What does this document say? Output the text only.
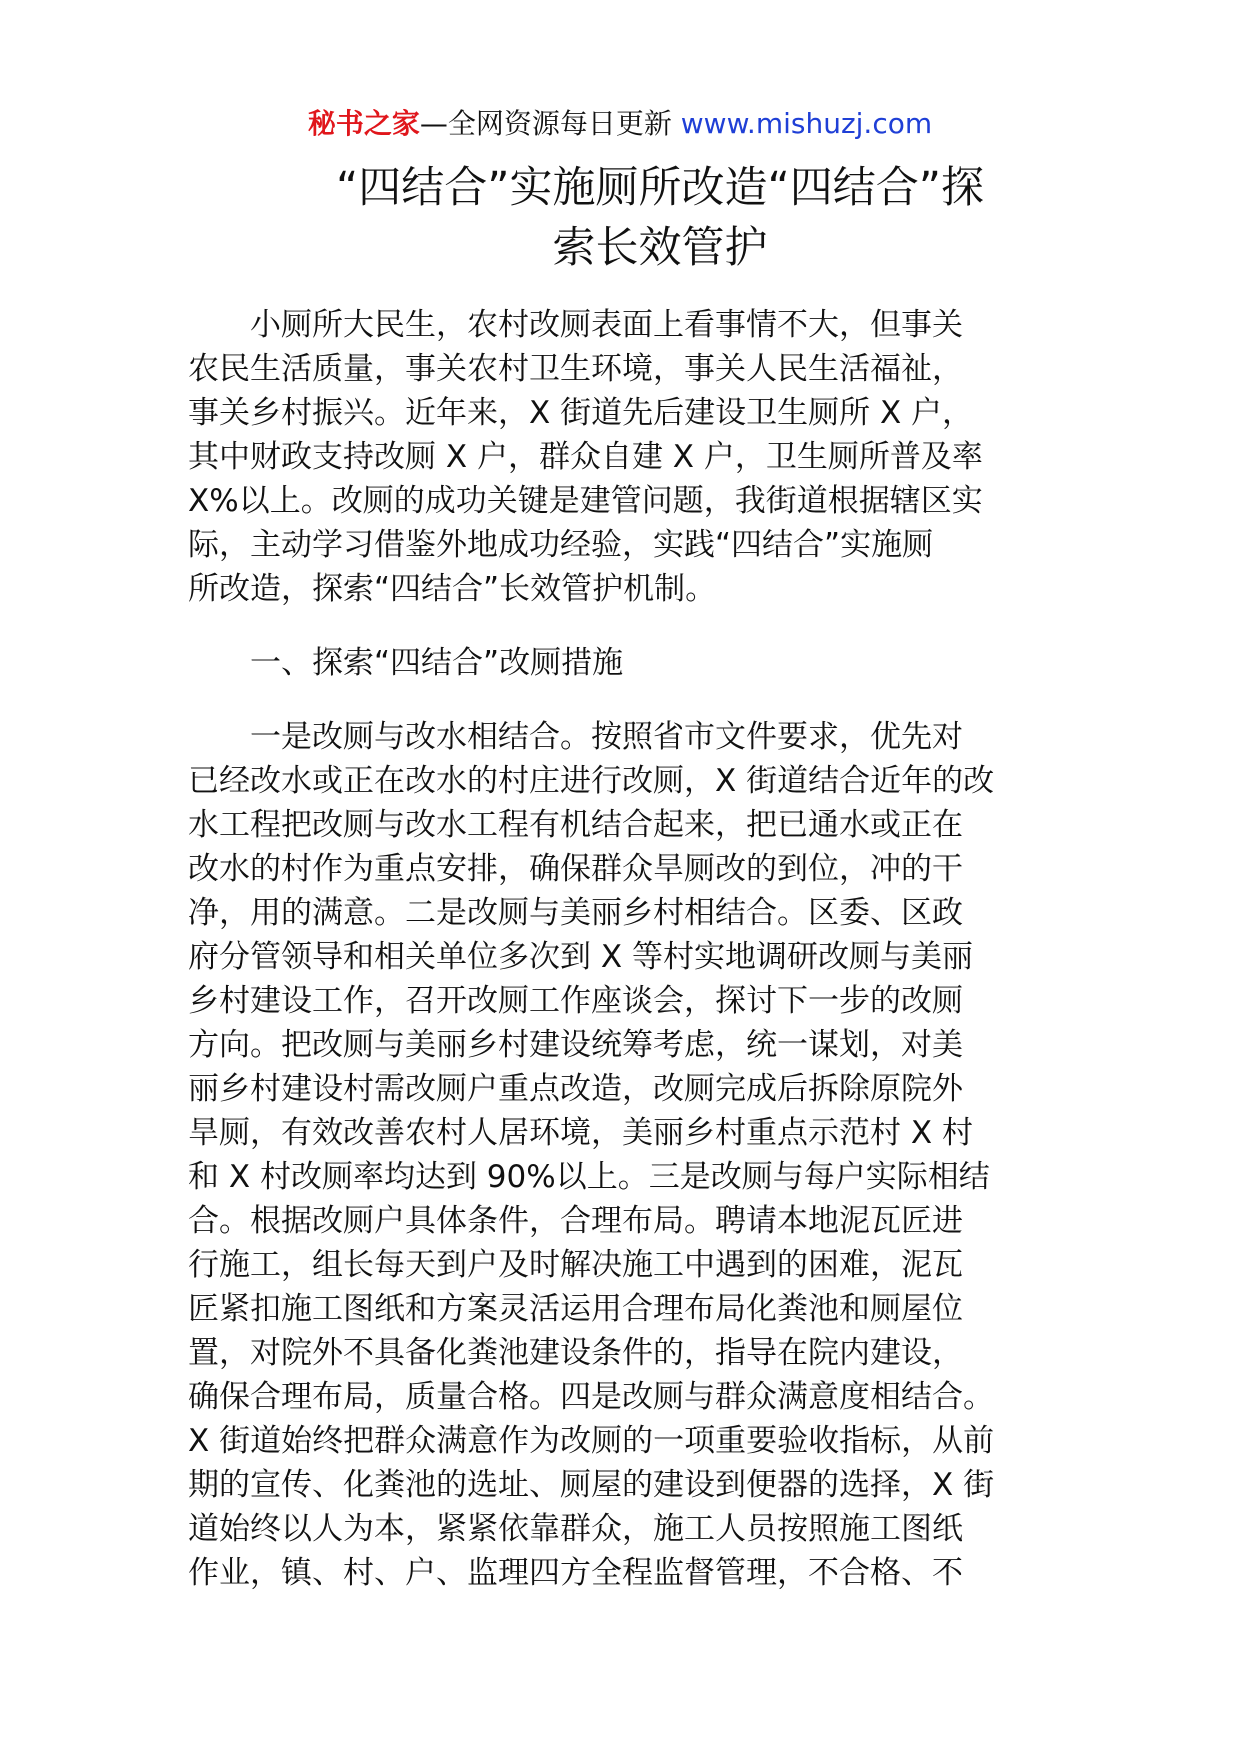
秘书之家—全网资源每日更新 www.mishuzj.com
“四结合”实施厕所改造“四结合”探
索长效管护
　　小厕所大民生，农村改厕表面上看事情不大，但事关
农民生活质量，事关农村卫生环境，事关人民生活福祉，
事关乡村振兴。近年来，X 街道先后建设卫生厕所 X 户，
其中财政支持改厕 X 户，群众自建 X 户，卫生厕所普及率
X%以上。改厕的成功关键是建管问题，我街道根据辖区实
际，主动学习借鉴外地成功经验，实践“四结合”实施厕
所改造，探索“四结合”长效管护机制。
　　一、探索“四结合”改厕措施
　　一是改厕与改水相结合。按照省市文件要求，优先对
已经改水或正在改水的村庄进行改厕，X 街道结合近年的改
水工程把改厕与改水工程有机结合起来，把已通水或正在
改水的村作为重点安排，确保群众旱厕改的到位，冲的干
净，用的满意。二是改厕与美丽乡村相结合。区委、区政
府分管领导和相关单位多次到 X 等村实地调研改厕与美丽
乡村建设工作，召开改厕工作座谈会，探讨下一步的改厕
方向。把改厕与美丽乡村建设统筹考虑，统一谋划，对美
丽乡村建设村需改厕户重点改造，改厕完成后拆除原院外
旱厕，有效改善农村人居环境，美丽乡村重点示范村 X 村
和 X 村改厕率均达到 90%以上。三是改厕与每户实际相结
合。根据改厕户具体条件，合理布局。聘请本地泥瓦匠进
行施工，组长每天到户及时解决施工中遇到的困难，泥瓦
匠紧扣施工图纸和方案灵活运用合理布局化粪池和厕屋位
置，对院外不具备化粪池建设条件的，指导在院内建设，
确保合理布局，质量合格。四是改厕与群众满意度相结合。
X 街道始终把群众满意作为改厕的一项重要验收指标，从前
期的宣传、化粪池的选址、厕屋的建设到便器的选择，X 街
道始终以人为本，紧紧依靠群众，施工人员按照施工图纸
作业，镇、村、户、监理四方全程监督管理，不合格、不
